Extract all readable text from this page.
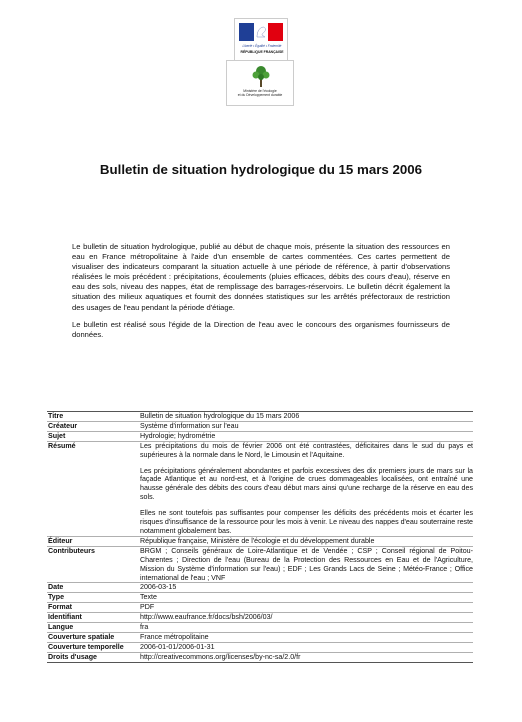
Liberté • Égalité • Fraternité
RÉPUBLIQUE FRANÇAISE
Ministère de l'écologie
et du Développement durable
Bulletin de situation hydrologique du 15 mars 2006

Le bulletin de situation hydrologique, publié au début de chaque mois, présente la situation des ressources en eau en France métropolitaine à l'aide d'un ensemble de cartes commentées. Ces cartes permettent de visualiser des indicateurs comparant la situation actuelle à une période de référence, à partir d'observations réalisées le mois précédent : précipitations, écoulements (pluies efficaces, débits des cours d'eau), réserve en eau des sols, niveau des nappes, état de remplissage des barrages-réservoirs. Le bulletin décrit également la situation des milieux aquatiques et fournit des données statistiques sur les arrêtés préfectoraux de restriction des usages de l'eau pendant la période d'étiage.

Le bulletin est réalisé sous l'égide de la Direction de l'eau avec le concours des organismes fournisseurs de données.

Titre	Bulletin de situation hydrologique du 15 mars 2006
Créateur	Système d'information sur l'eau
Sujet	Hydrologie; hydrométrie
Résumé	Les précipitations du mois de février 2006 ont été contrastées, déficitaires dans le sud du pays et supérieures à la normale dans le Nord, le Limousin et l'Aquitaine.

Les précipitations généralement abondantes et parfois excessives des dix premiers jours de mars sur la façade Atlantique et au nord-est, et à l'origine de crues dommageables localisées, ont entraîné une hausse générale des débits des cours d'eau début mars ainsi qu'une recharge de la réserve en eau des sols.

Elles ne sont toutefois pas suffisantes pour compenser les déficits des précédents mois et écarter les risques d'insuffisance de la ressource pour les mois à venir. Le niveau des nappes d'eau souterraine reste notamment globalement bas.

Éditeur	République française, Ministère de l'écologie et du développement durable
Contributeurs	BRGM ; Conseils généraux de Loire-Atlantique et de Vendée ; CSP ; Conseil régional de Poitou-Charentes ; Direction de l'eau (Bureau de la Protection des Ressources en Eau et de l'Agriculture, Mission du Système d'information sur l'eau) ; EDF ; Les Grands Lacs de Seine ; Météo-France ; Office international de l'eau ; VNF
Date	2006-03-15
Type	Texte
Format	PDF
Identifiant	http://www.eaufrance.fr/docs/bsh/2006/03/
Langue	fra
Couverture spatiale	France métropolitaine
Couverture temporelle	2006-01-01/2006-01-31
Droits d'usage	http://creativecommons.org/licenses/by-nc-sa/2.0/fr
